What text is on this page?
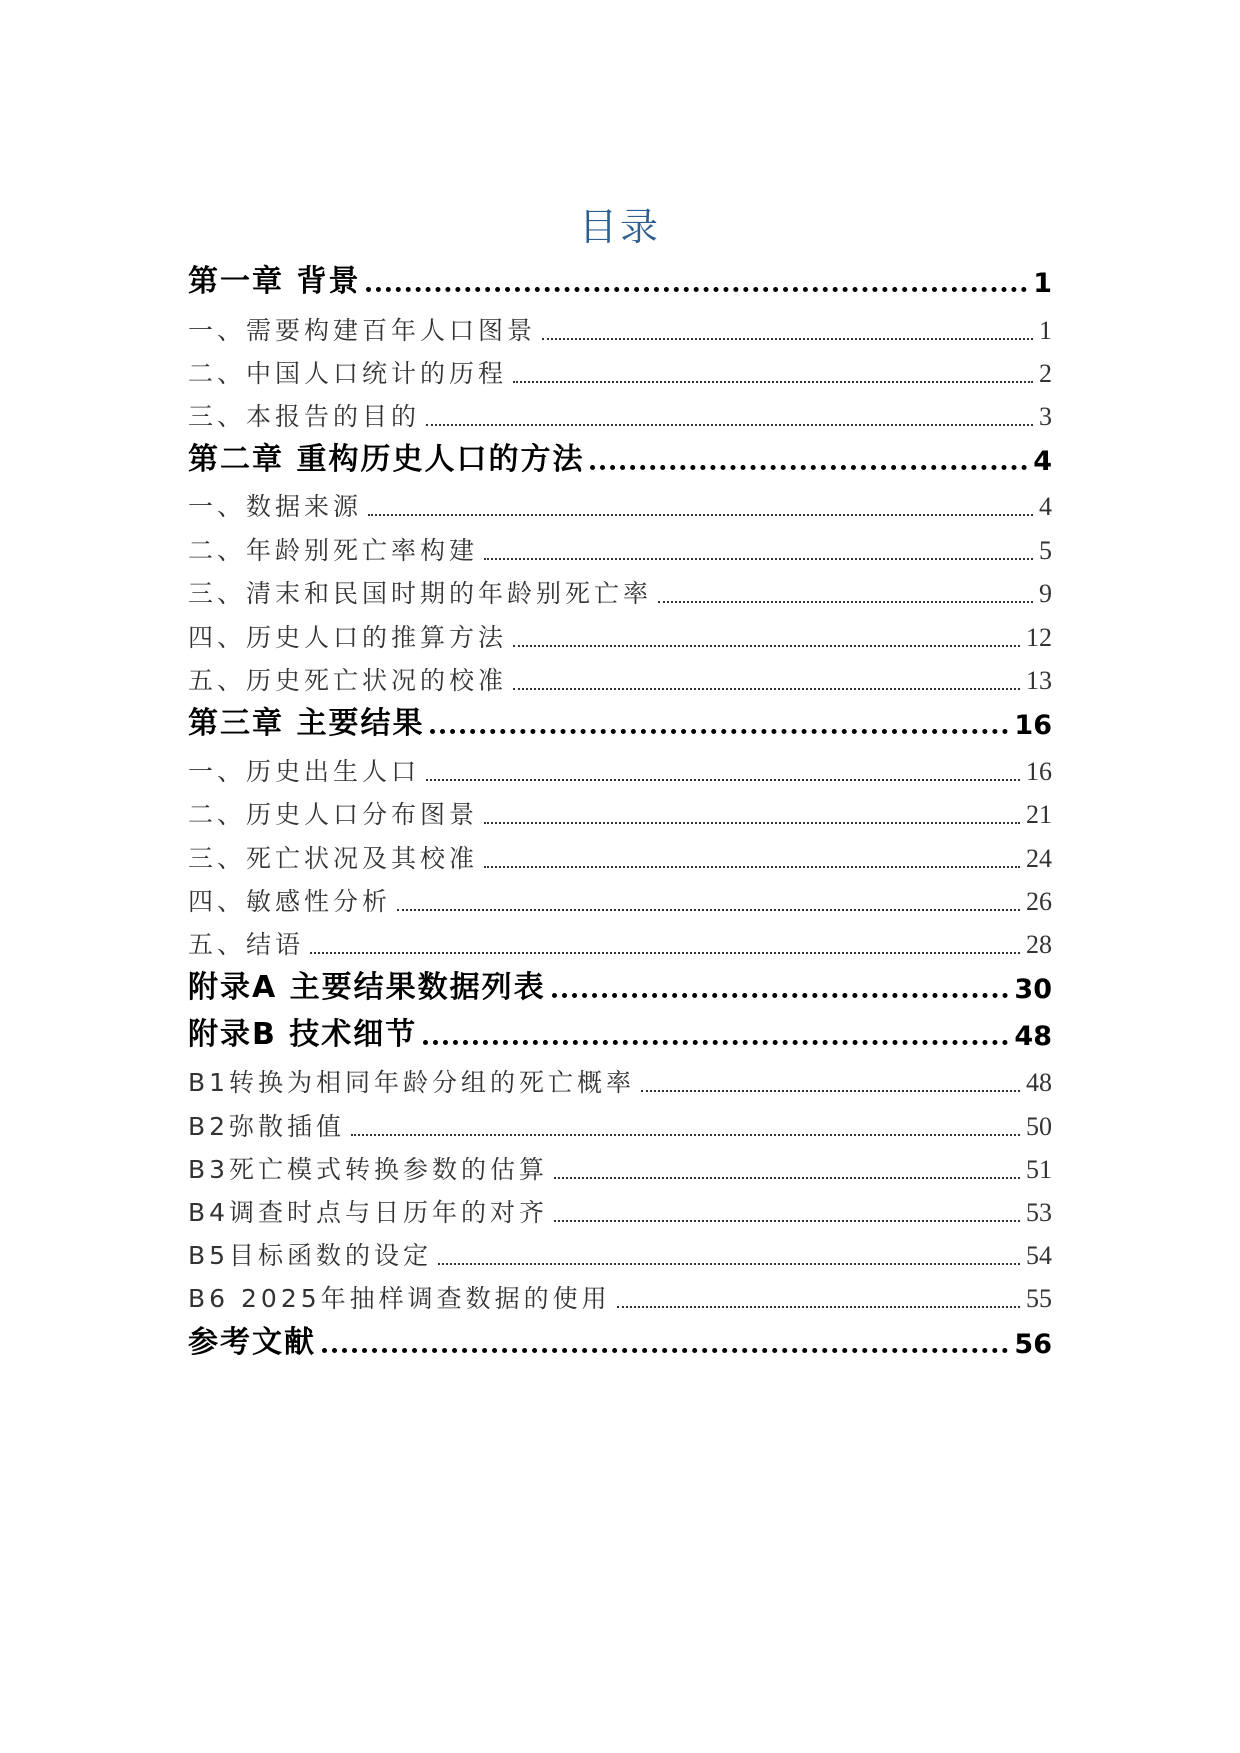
目录
第一章 背景	1
一、需要构建百年人口图景	1
二、中国人口统计的历程	2
三、本报告的目的	3
第二章 重构历史人口的方法	4
一、数据来源	4
二、年龄别死亡率构建	5
三、清末和民国时期的年龄别死亡率	9
四、历史人口的推算方法	12
五、历史死亡状况的校准	13
第三章 主要结果	16
一、历史出生人口	16
二、历史人口分布图景	21
三、死亡状况及其校准	24
四、敏感性分析	26
五、结语	28
附录A 主要结果数据列表	30
附录B 技术细节	48
B1转换为相同年龄分组的死亡概率	48
B2弥散插值	50
B3死亡模式转换参数的估算	51
B4调查时点与日历年的对齐	53
B5目标函数的设定	54
B6 2025年抽样调查数据的使用	55
参考文献	56
